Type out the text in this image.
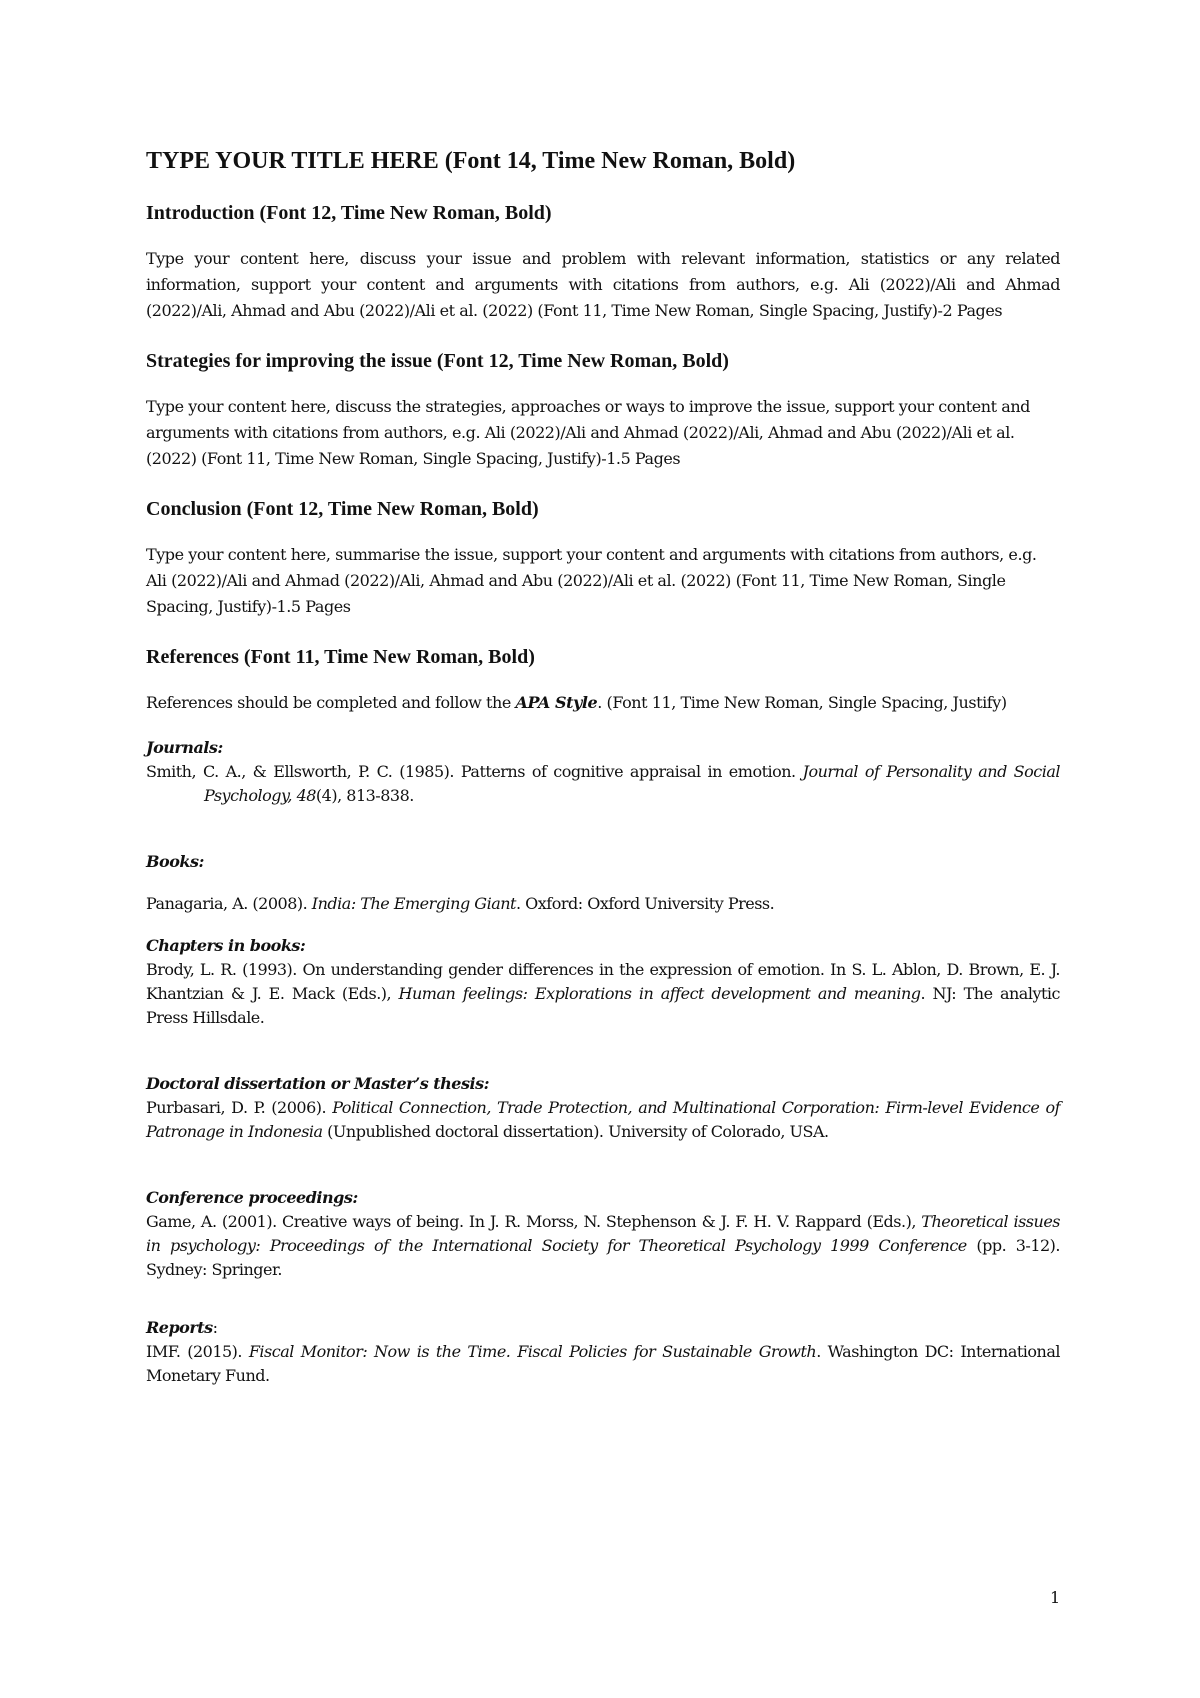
TYPE YOUR TITLE HERE (Font 14, Time New Roman, Bold)
Introduction (Font 12, Time New Roman, Bold)

Type your content here, discuss your issue and problem with relevant information, statistics or any related information, support your content and arguments with citations from authors, e.g. Ali (2022)/Ali and Ahmad (2022)/Ali, Ahmad and Abu (2022)/Ali et al. (2022) (Font 11, Time New Roman, Single Spacing, Justify)-2 Pages

Strategies for improving the issue (Font 12, Time New Roman, Bold)

Type your content here, discuss the strategies, approaches or ways to improve the issue, support your content and arguments with citations from authors, e.g. Ali (2022)/Ali and Ahmad (2022)/Ali, Ahmad and Abu (2022)/Ali et al. (2022) (Font 11, Time New Roman, Single Spacing, Justify)-1.5 Pages

Conclusion (Font 12, Time New Roman, Bold)

Type your content here, summarise the issue, support your content and arguments with citations from authors, e.g. Ali (2022)/Ali and Ahmad (2022)/Ali, Ahmad and Abu (2022)/Ali et al. (2022) (Font 11, Time New Roman, Single Spacing, Justify)-1.5 Pages

References (Font 11, Time New Roman, Bold)

References should be completed and follow the APA Style. (Font 11, Time New Roman, Single Spacing, Justify)

Journals:

Smith, C. A., & Ellsworth, P. C. (1985). Patterns of cognitive appraisal in emotion. Journal of Personality and Social Psychology, 48(4), 813-838.

Books:

Panagaria, A. (2008). India: The Emerging Giant. Oxford: Oxford University Press.

Chapters in books:

Brody, L. R. (1993). On understanding gender differences in the expression of emotion. In S. L. Ablon, D. Brown, E. J. Khantzian & J. E. Mack (Eds.), Human feelings: Explorations in affect development and meaning. NJ: The analytic Press Hillsdale.

Doctoral dissertation or Master’s thesis:

Purbasari, D. P. (2006). Political Connection, Trade Protection, and Multinational Corporation: Firm-level Evidence of Patronage in Indonesia (Unpublished doctoral dissertation). University of Colorado, USA.

Conference proceedings:

Game, A. (2001). Creative ways of being. In J. R. Morss, N. Stephenson & J. F. H. V. Rappard (Eds.), Theoretical issues in psychology: Proceedings of the International Society for Theoretical Psychology 1999 Conference (pp. 3-12). Sydney: Springer.

Reports:

IMF. (2015). Fiscal Monitor: Now is the Time. Fiscal Policies for Sustainable Growth. Washington DC: International Monetary Fund.

1
